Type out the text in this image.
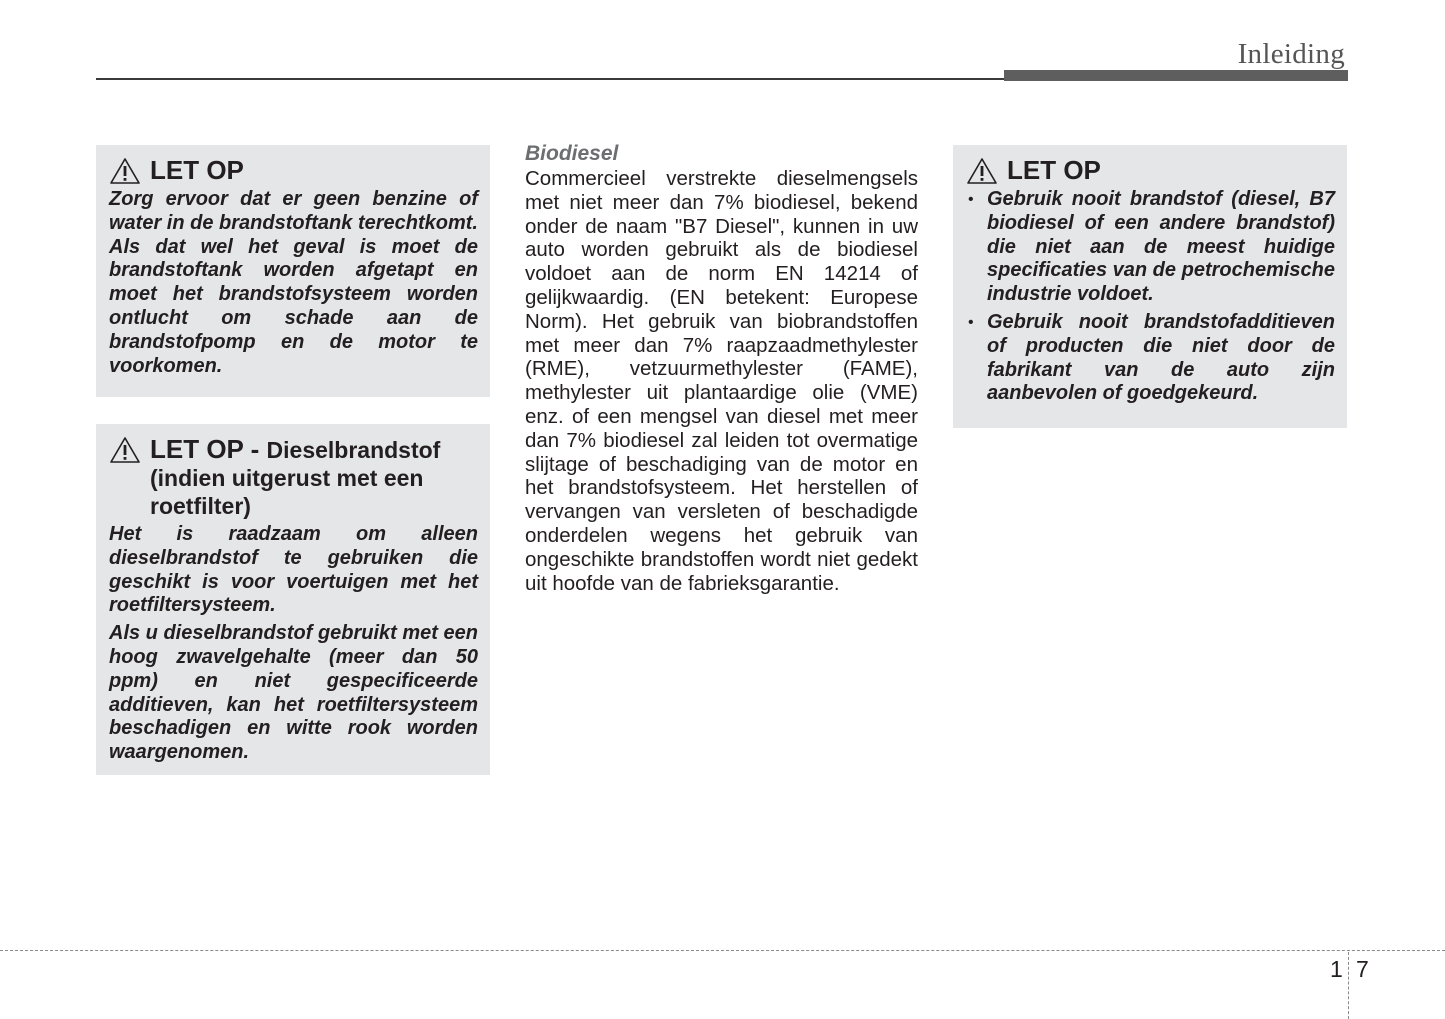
Inleiding
LET OP

Zorg ervoor dat er geen benzine of water in de brandstoftank terechtkomt. Als dat wel het geval is moet de brandstoftank worden afgetapt en moet het brandstofsysteem worden ontlucht om schade aan de brandstofpomp en de motor te voorkomen.

LET OP - Dieselbrandstof
(indien uitgerust met een
roetfilter)

Het is raadzaam om alleen dieselbrandstof te gebruiken die geschikt is voor voertuigen met het roetfiltersysteem.

Als u dieselbrandstof gebruikt met een hoog zwavelgehalte (meer dan 50 ppm) en niet gespecificeerde additieven, kan het roetfiltersysteem beschadigen en witte rook worden waargenomen.

Biodiesel

Commercieel verstrekte dieselmengsels met niet meer dan 7% biodiesel, bekend onder de naam "B7 Diesel", kunnen in uw auto worden gebruikt als de biodiesel voldoet aan de norm EN 14214 of gelijkwaardig. (EN betekent: Europese Norm). Het gebruik van biobrandstoffen met meer dan 7% raapzaadmethylester (RME), vetzuurmethylester (FAME), methylester uit plantaardige olie (VME) enz. of een mengsel van diesel met meer dan 7% biodiesel zal leiden tot overmatige slijtage of beschadiging van de motor en het brandstofsysteem. Het herstellen of vervangen van versleten of beschadigde onderdelen wegens het gebruik van ongeschikte brandstoffen wordt niet gedekt uit hoofde van de fabrieksgarantie.

LET OP
• Gebruik nooit brandstof (diesel, B7 biodiesel of een andere brandstof) die niet aan de meest huidige specificaties van de petrochemische industrie voldoet.
• Gebruik nooit brandstofadditieven of producten die niet door de fabrikant van de auto zijn aanbevolen of goedgekeurd.
1 7
